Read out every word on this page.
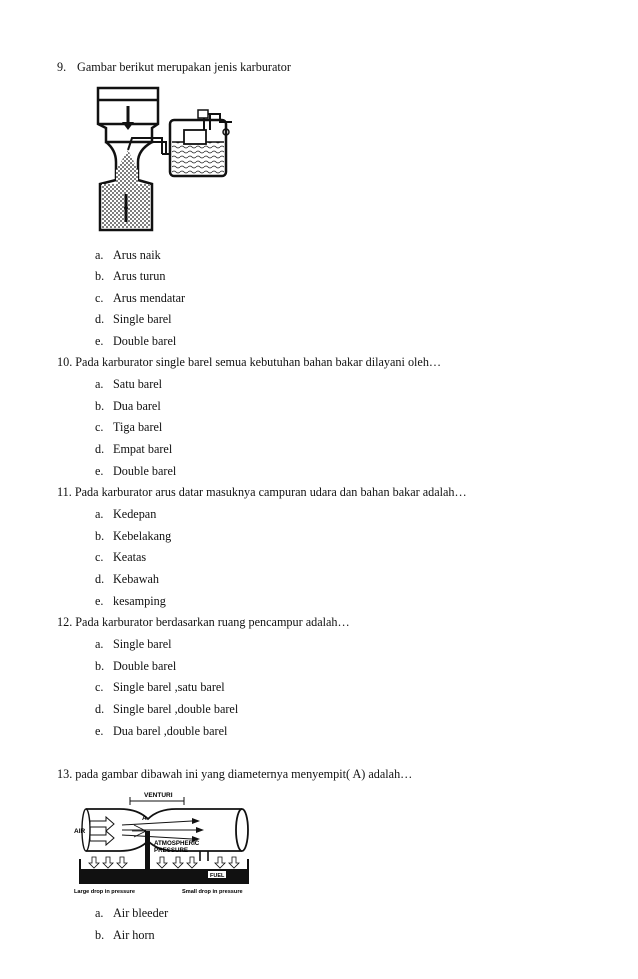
9. Gambar berikut merupakan jenis karburator
a. Arus naik
b. Arus turun
c. Arus mendatar
d. Single barel
e. Double barel
10. Pada karburator single barel semua kebutuhan bahan bakar dilayani oleh…
a. Satu barel
b. Dua barel
c. Tiga barel
d. Empat barel
e. Double barel
11. Pada karburator arus datar masuknya campuran udara dan bahan bakar adalah…
a. Kedepan
b. Kebelakang
c. Keatas
d. Kebawah
e. kesamping
12. Pada karburator berdasarkan ruang pencampur adalah…
a. Single barel
b. Double barel
c. Single barel ,satu barel
d. Single barel ,double barel
e. Dua barel ,double barel
13. pada gambar dibawah ini yang diameternya menyempit( A) adalah…
VENTURI
AIR
A
ATMOSPHERIC
PRESSURE
FUEL
Large drop in pressure	Small drop in pressure
a. Air bleeder
b. Air horn
